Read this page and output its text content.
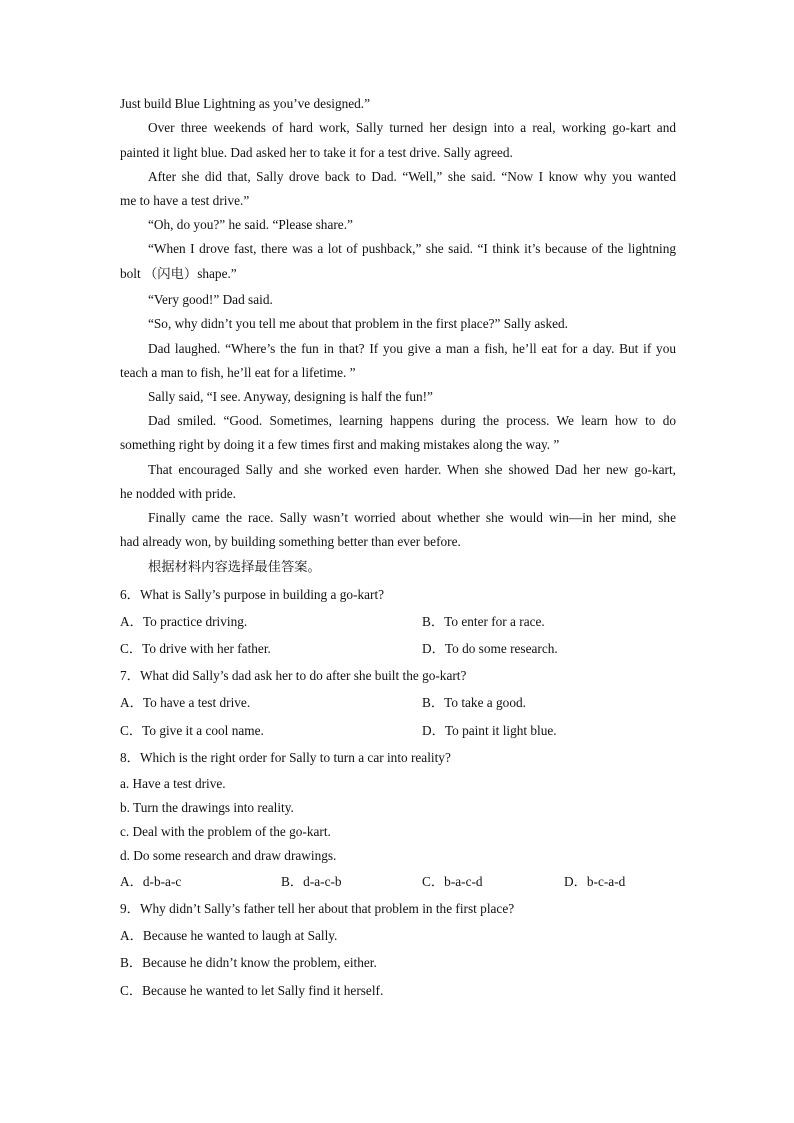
Just build Blue Lightning as you’ve designed.”
Over three weekends of hard work, Sally turned her design into a real, working go-kart and
painted it light blue. Dad asked her to take it for a test drive. Sally agreed.
After she did that, Sally drove back to Dad. “Well,” she said. “Now I know why you wanted
me to have a test drive.”
“Oh, do you?” he said. “Please share.”
“When I drove fast, there was a lot of pushback,” she said. “I think it’s because of the lightning
bolt （闪电）shape.”
“Very good!” Dad said.
“So, why didn’t you tell me about that problem in the first place?” Sally asked.
Dad laughed. “Where’s the fun in that? If you give a man a fish, he’ll eat for a day. But if you
teach a man to fish, he’ll eat for a lifetime. ”
Sally said, “I see. Anyway, designing is half the fun!”
Dad smiled. “Good. Sometimes, learning happens during the process. We learn how to do
something right by doing it a few times first and making mistakes along the way. ”
That encouraged Sally and she worked even harder. When she showed Dad her new go-kart,
he nodded with pride.
Finally came the race. Sally wasn’t worried about whether she would win—in her mind, she
had already won, by building something better than ever before.
根据材料内容选择最佳答案。
6．What is Sally’s purpose in building a go-kart?
A．To practice driving.	B．To enter for a race.
C．To drive with her father.	D．To do some research.
7．What did Sally’s dad ask her to do after she built the go-kart?
A．To have a test drive.	B．To take a good.
C．To give it a cool name.	D．To paint it light blue.
8．Which is the right order for Sally to turn a car into reality?
a. Have a test drive.
b. Turn the drawings into reality.
c. Deal with the problem of the go-kart.
d. Do some research and draw drawings.
A．d-b-a-c	B．d-a-c-b	C．b-a-c-d	D．b-c-a-d
9．Why didn’t Sally’s father tell her about that problem in the first place?
A．Because he wanted to laugh at Sally.
B．Because he didn’t know the problem, either.
C．Because he wanted to let Sally find it herself.
